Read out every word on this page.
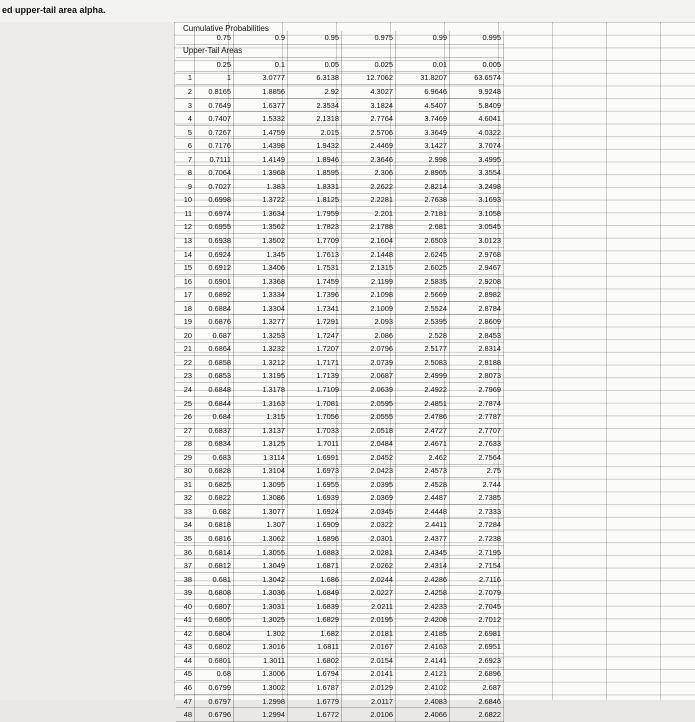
ed upper-tail area alpha.
Cumulative Probabilities
Upper-Tail Areas
	0.75	0.9	0.95	0.975	0.99	0.995

	0.25	0.1	0.05	0.025	0.01	0.005
1	1	3.0777	6.3138	12.7062	31.8207	63.6574
2	0.8165	1.8856	2.92	4.3027	6.9646	9.9248
3	0.7649	1.6377	2.3534	3.1824	4.5407	5.8409
4	0.7407	1.5332	2.1318	2.7764	3.7469	4.6041
5	0.7267	1.4759	2.015	2.5706	3.3649	4.0322
6	0.7176	1.4398	1.9432	2.4469	3.1427	3.7074
7	0.7111	1.4149	1.8946	2.3646	2.998	3.4995
8	0.7064	1.3968	1.8595	2.306	2.8965	3.3554
9	0.7027	1.383	1.8331	2.2622	2.8214	3.2498
10	0.6998	1.3722	1.8125	2.2281	2.7638	3.1693
11	0.6974	1.3634	1.7959	2.201	2.7181	3.1058
12	0.6955	1.3562	1.7823	2.1788	2.681	3.0545
13	0.6938	1.3502	1.7709	2.1604	2.6503	3.0123
14	0.6924	1.345	1.7613	2.1448	2.6245	2.9768
15	0.6912	1.3406	1.7531	2.1315	2.6025	2.9467
16	0.6901	1.3368	1.7459	2.1199	2.5835	2.9208
17	0.6892	1.3334	1.7396	2.1098	2.5669	2.8982
18	0.6884	1.3304	1.7341	2.1009	2.5524	2.8784
19	0.6876	1.3277	1.7291	2.093	2.5395	2.8609
20	0.687	1.3253	1.7247	2.086	2.528	2.8453
21	0.6864	1.3232	1.7207	2.0796	2.5177	2.8314
22	0.6858	1.3212	1.7171	2.0739	2.5083	2.8188
23	0.6853	1.3195	1.7139	2.0687	2.4999	2.8073
24	0.6848	1.3178	1.7109	2.0639	2.4922	2.7969
25	0.6844	1.3163	1.7081	2.0595	2.4851	2.7874
26	0.684	1.315	1.7056	2.0555	2.4786	2.7787
27	0.6837	1.3137	1.7033	2.0518	2.4727	2.7707
28	0.6834	1.3125	1.7011	2.0484	2.4671	2.7633
29	0.683	1.3114	1.6991	2.0452	2.462	2.7564
30	0.6828	1.3104	1.6973	2.0423	2.4573	2.75
31	0.6825	1.3095	1.6955	2.0395	2.4528	2.744
32	0.6822	1.3086	1.6939	2.0369	2.4487	2.7385
33	0.682	1.3077	1.6924	2.0345	2.4448	2.7333
34	0.6818	1.307	1.6909	2.0322	2.4411	2.7284
35	0.6816	1.3062	1.6896	2.0301	2.4377	2.7238
36	0.6814	1.3055	1.6883	2.0281	2.4345	2.7195
37	0.6812	1.3049	1.6871	2.0262	2.4314	2.7154
38	0.681	1.3042	1.686	2.0244	2.4286	2.7116
39	0.6808	1.3036	1.6849	2.0227	2.4258	2.7079
40	0.6807	1.3031	1.6839	2.0211	2.4233	2.7045
41	0.6805	1.3025	1.6829	2.0195	2.4208	2.7012
42	0.6804	1.302	1.682	2.0181	2.4185	2.6981
43	0.6802	1.3016	1.6811	2.0167	2.4163	2.6951
44	0.6801	1.3011	1.6802	2.0154	2.4141	2.6923
45	0.68	1.3006	1.6794	2.0141	2.4121	2.6896
46	0.6799	1.3002	1.6787	2.0129	2.4102	2.687
47	0.6797	1.2998	1.6779	2.0117	2.4083	2.6846
48	0.6796	1.2994	1.6772	2.0106	2.4066	2.6822
